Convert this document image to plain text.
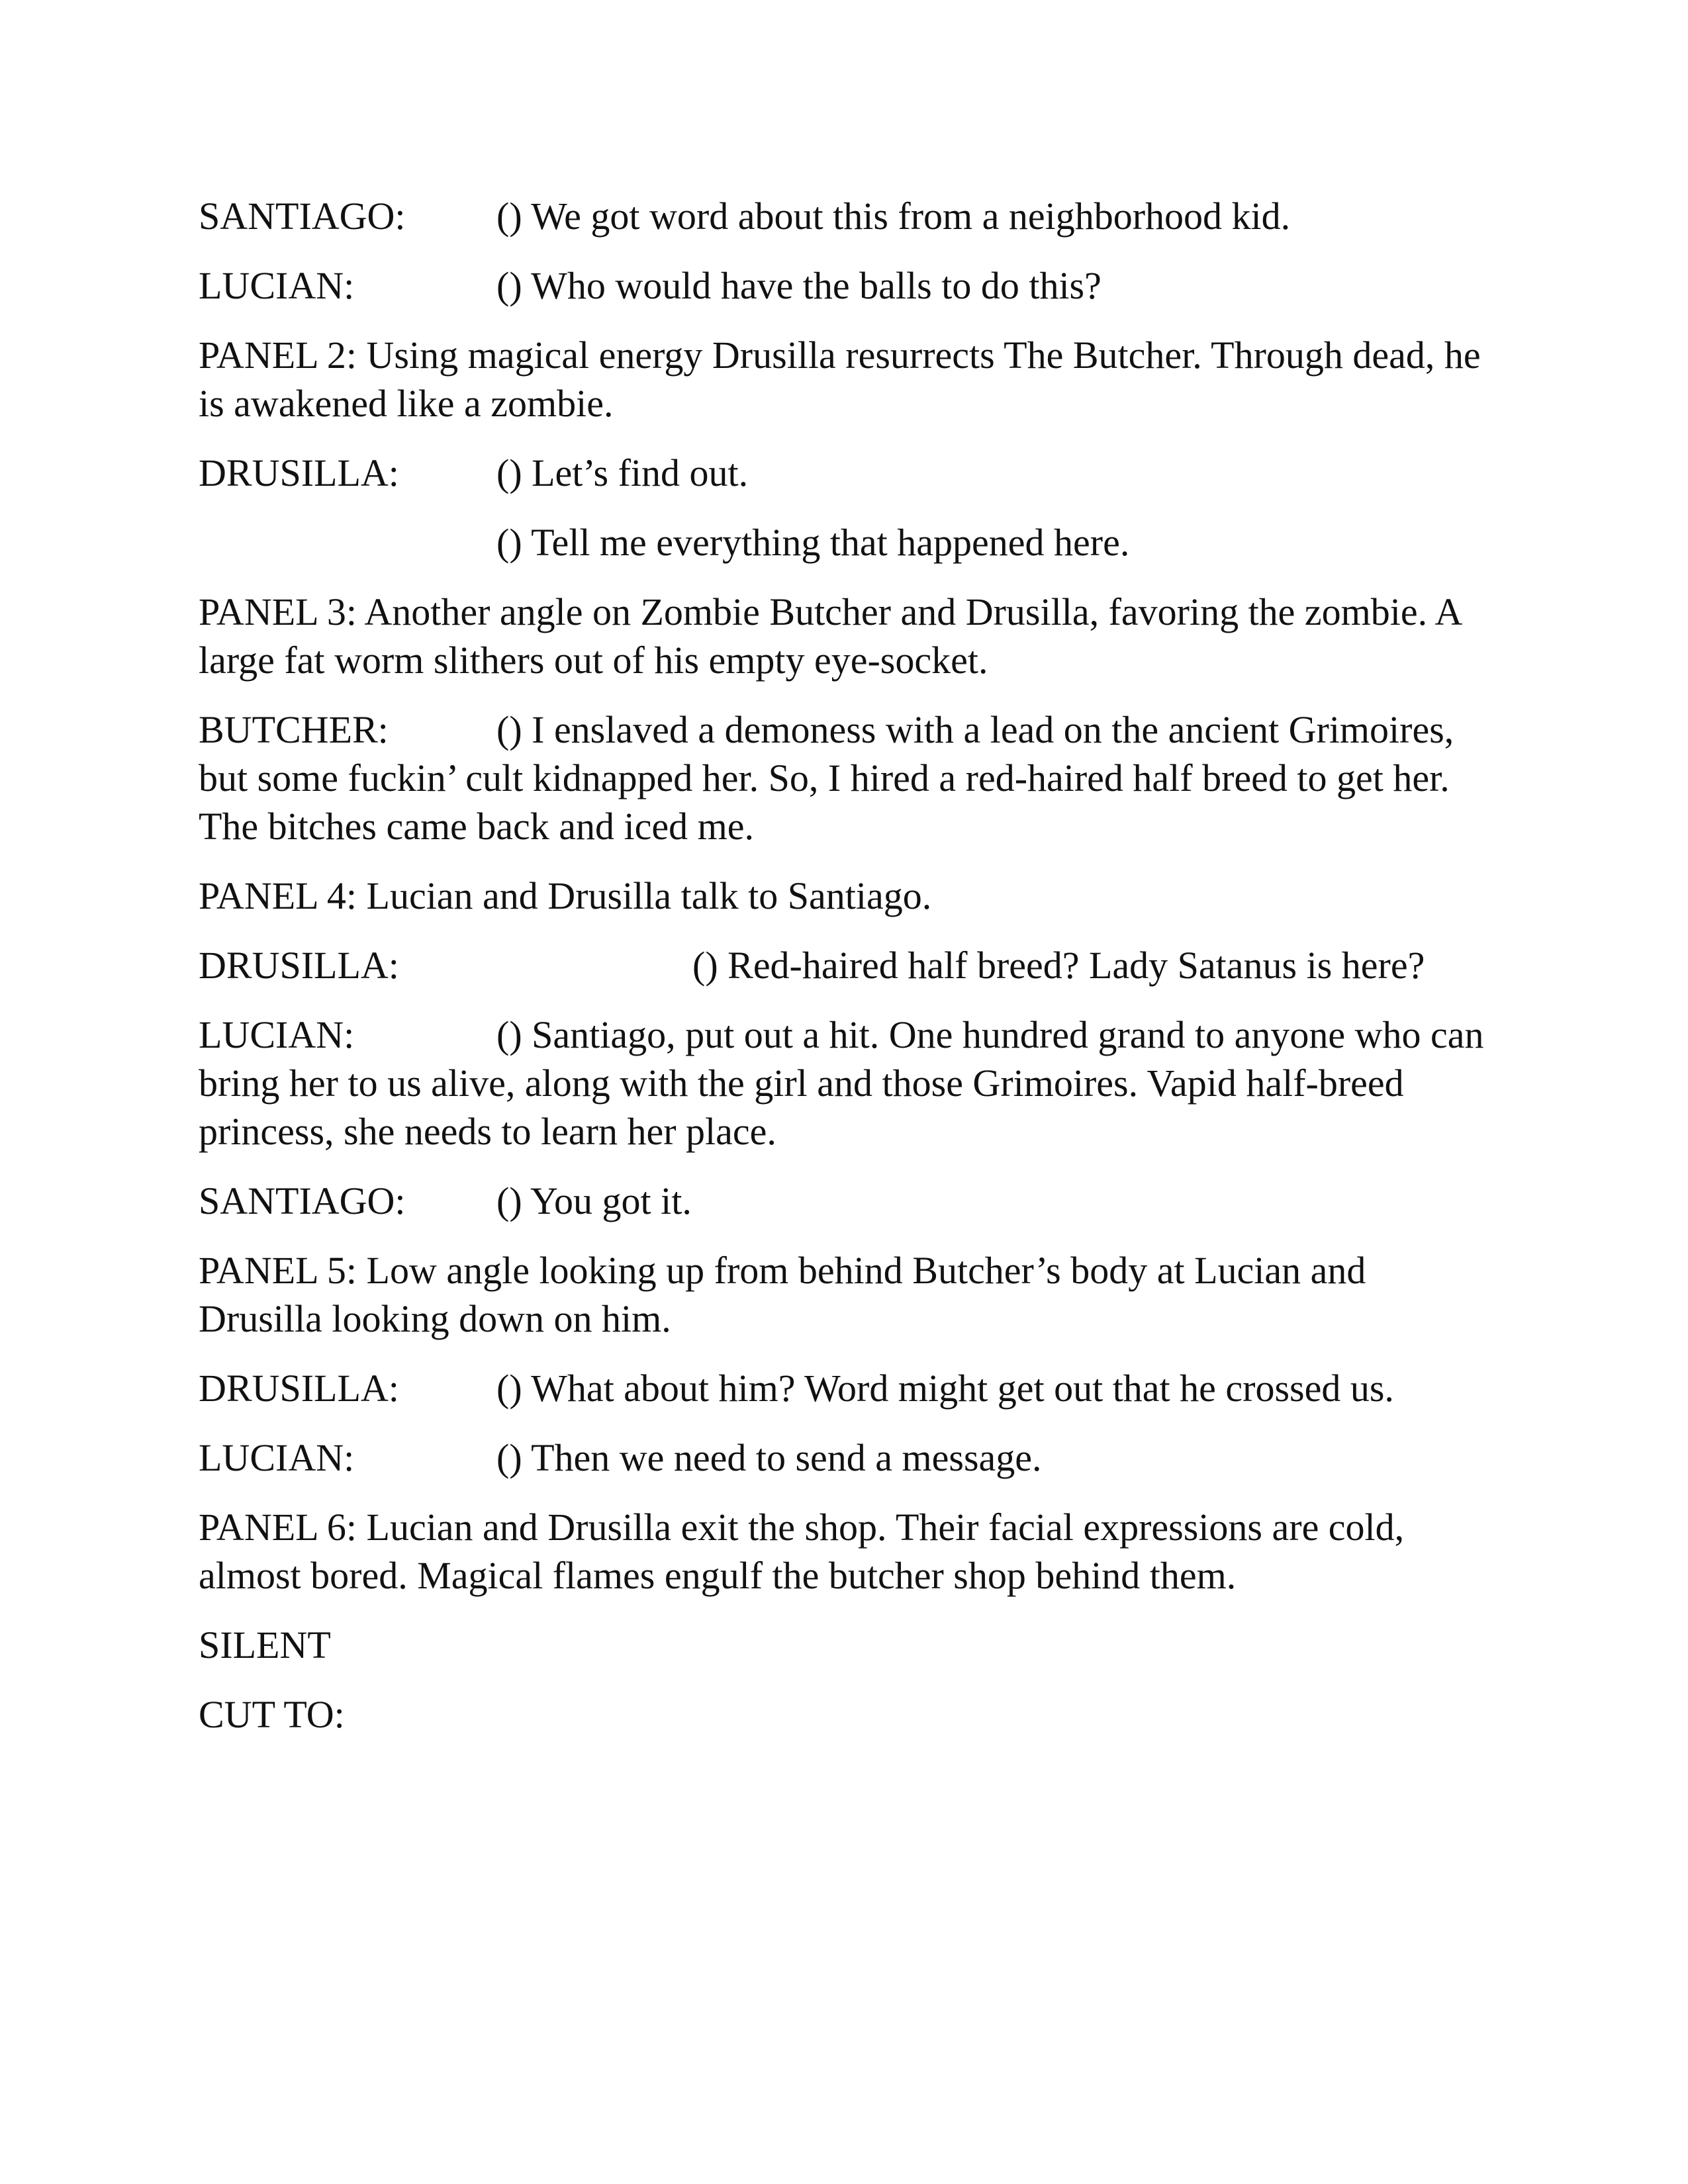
SANTIAGO: () We got word about this from a neighborhood kid.

LUCIAN:	() Who would have the balls to do this?

PANEL 2: Using magical energy Drusilla resurrects The Butcher. Through dead, he is awakened like a zombie.

DRUSILLA:	() Let’s find out.

() Tell me everything that happened here.

PANEL 3: Another angle on Zombie Butcher and Drusilla, favoring the zombie. A large fat worm slithers out of his empty eye-socket.

BUTCHER:	() I enslaved a demoness with a lead on the ancient Grimoires, but some fuckin’ cult kidnapped her. So, I hired a red-haired half breed to get her. The bitches came back and iced me.

PANEL 4: Lucian and Drusilla talk to Santiago.

DRUSILLA:	() Red-haired half breed? Lady Satanus is here?

LUCIAN:	() Santiago, put out a hit. One hundred grand to anyone who can bring her to us alive, along with the girl and those Grimoires. Vapid half-breed princess, she needs to learn her place.

SANTIAGO: () You got it.

PANEL 5: Low angle looking up from behind Butcher’s body at Lucian and Drusilla looking down on him.

DRUSILLA:	() What about him? Word might get out that he crossed us.

LUCIAN:	() Then we need to send a message.

PANEL 6: Lucian and Drusilla exit the shop. Their facial expressions are cold, almost bored. Magical flames engulf the butcher shop behind them.

SILENT

CUT TO:
